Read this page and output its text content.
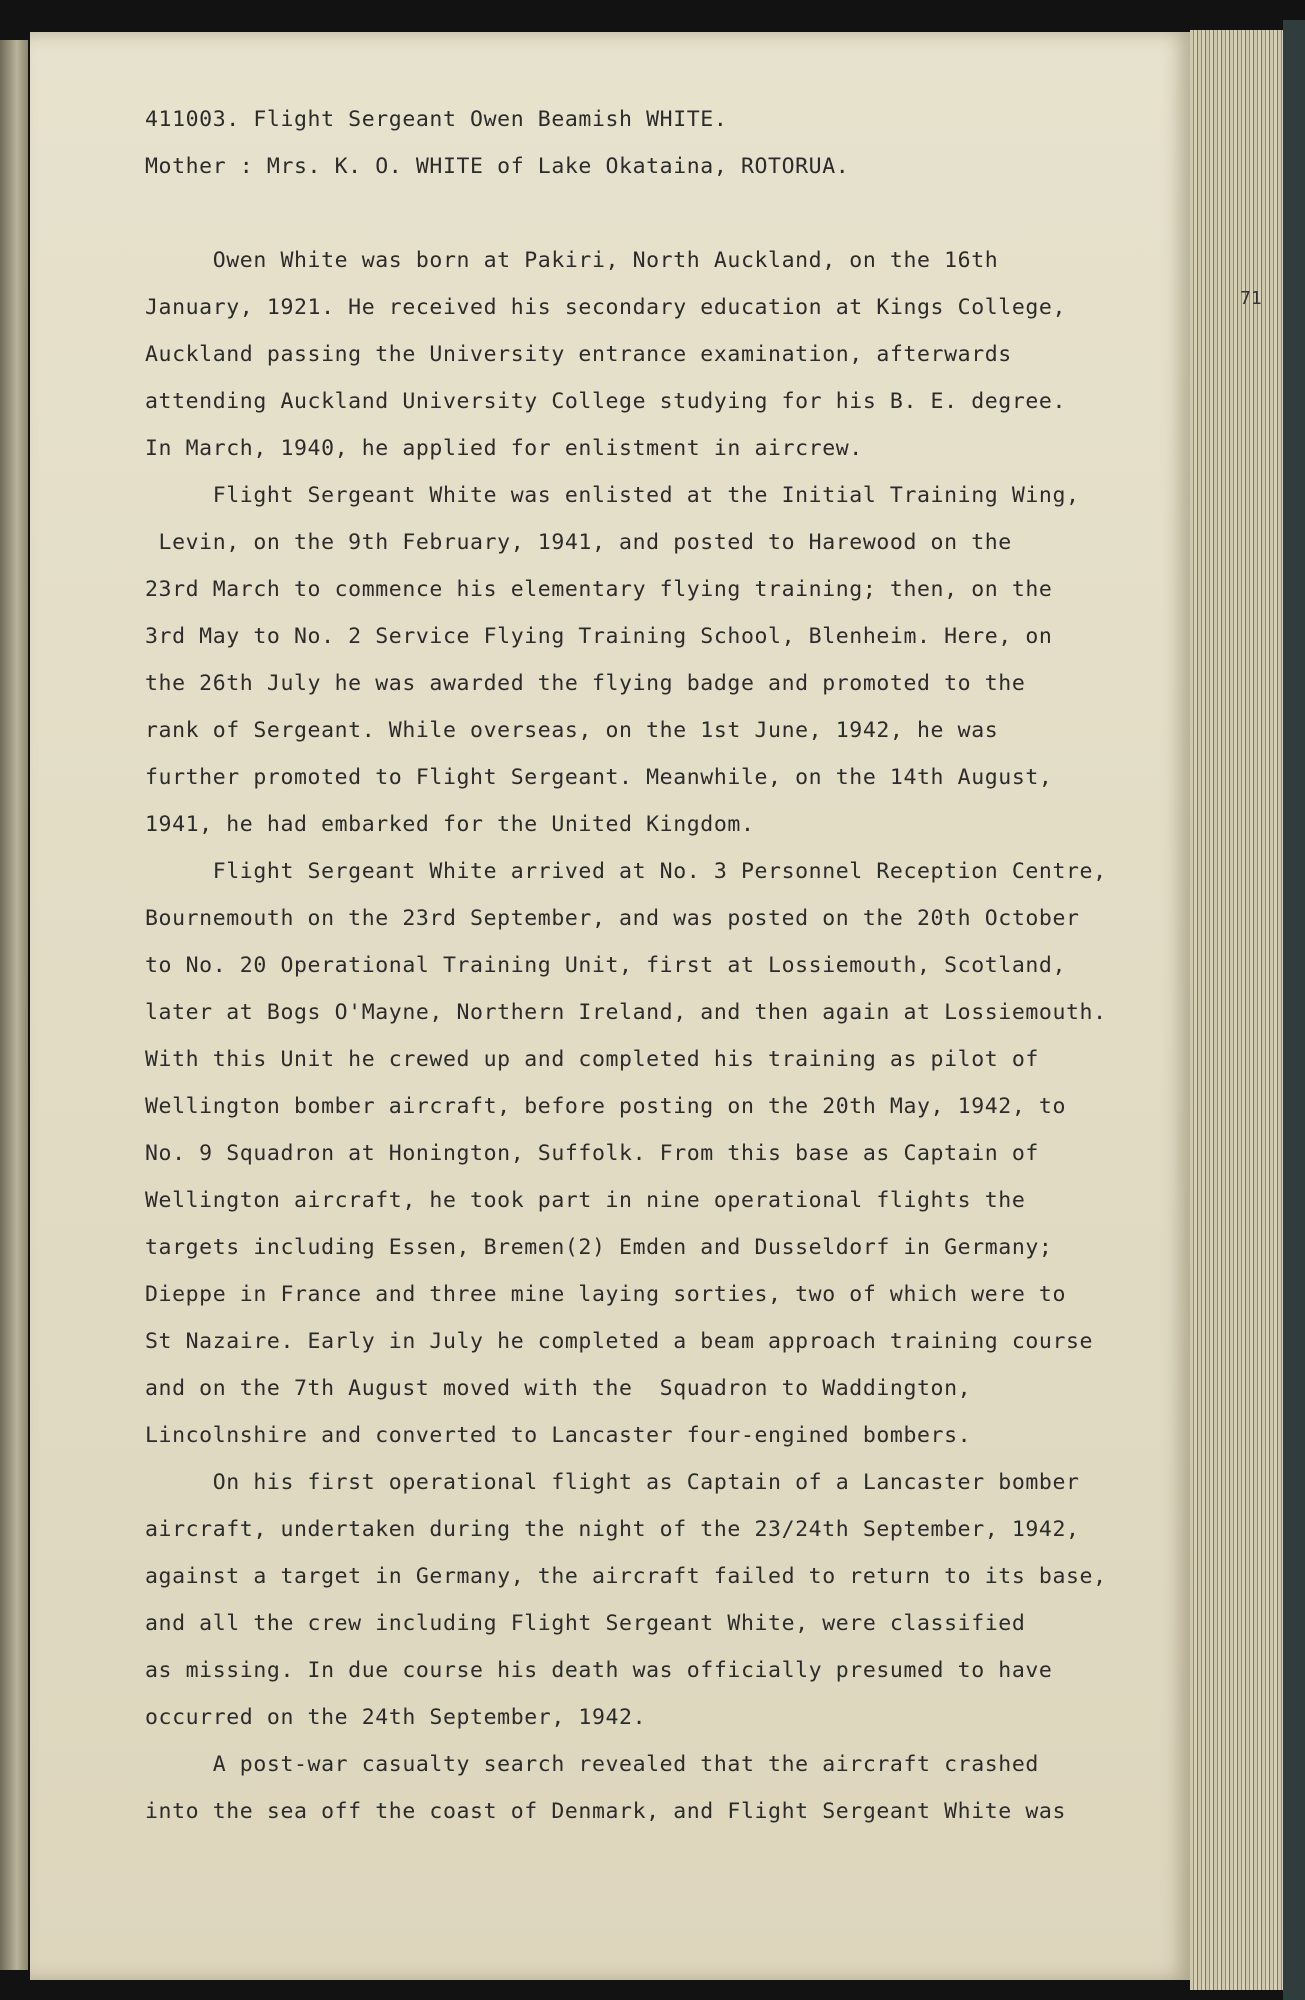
411003. Flight Sergeant Owen Beamish WHITE.
Mother : Mrs. K. O. WHITE of Lake Okataina, ROTORUA.
Owen White was born at Pakiri, North Auckland, on the 16th
January, 1921. He received his secondary education at Kings College,
Auckland passing the University entrance examination, afterwards
attending Auckland University College studying for his B. E. degree.
In March, 1940, he applied for enlistment in aircrew.
Flight Sergeant White was enlisted at the Initial Training Wing,
Levin, on the 9th February, 1941, and posted to Harewood on the
23rd March to commence his elementary flying training; then, on the
3rd May to No. 2 Service Flying Training School, Blenheim. Here, on
the 26th July he was awarded the flying badge and promoted to the
rank of Sergeant. While overseas, on the 1st June, 1942, he was
further promoted to Flight Sergeant. Meanwhile, on the 14th August,
1941, he had embarked for the United Kingdom.
Flight Sergeant White arrived at No. 3 Personnel Reception Centre,
Bournemouth on the 23rd September, and was posted on the 20th October
to No. 20 Operational Training Unit, first at Lossiemouth, Scotland,
later at Bogs O'Mayne, Northern Ireland, and then again at Lossiemouth.
With this Unit he crewed up and completed his training as pilot of
Wellington bomber aircraft, before posting on the 20th May, 1942, to
No. 9 Squadron at Honington, Suffolk. From this base as Captain of
Wellington aircraft, he took part in nine operational flights the
targets including Essen, Bremen(2) Emden and Dusseldorf in Germany;
Dieppe in France and three mine laying sorties, two of which were to
St Nazaire. Early in July he completed a beam approach training course
and on the 7th August moved with the  Squadron to Waddington,
Lincolnshire and converted to Lancaster four-engined bombers.
On his first operational flight as Captain of a Lancaster bomber
aircraft, undertaken during the night of the 23/24th September, 1942,
against a target in Germany, the aircraft failed to return to its base,
and all the crew including Flight Sergeant White, were classified
as missing. In due course his death was officially presumed to have
occurred on the 24th September, 1942.
A post-war casualty search revealed that the aircraft crashed
into the sea off the coast of Denmark, and Flight Sergeant White was
71
